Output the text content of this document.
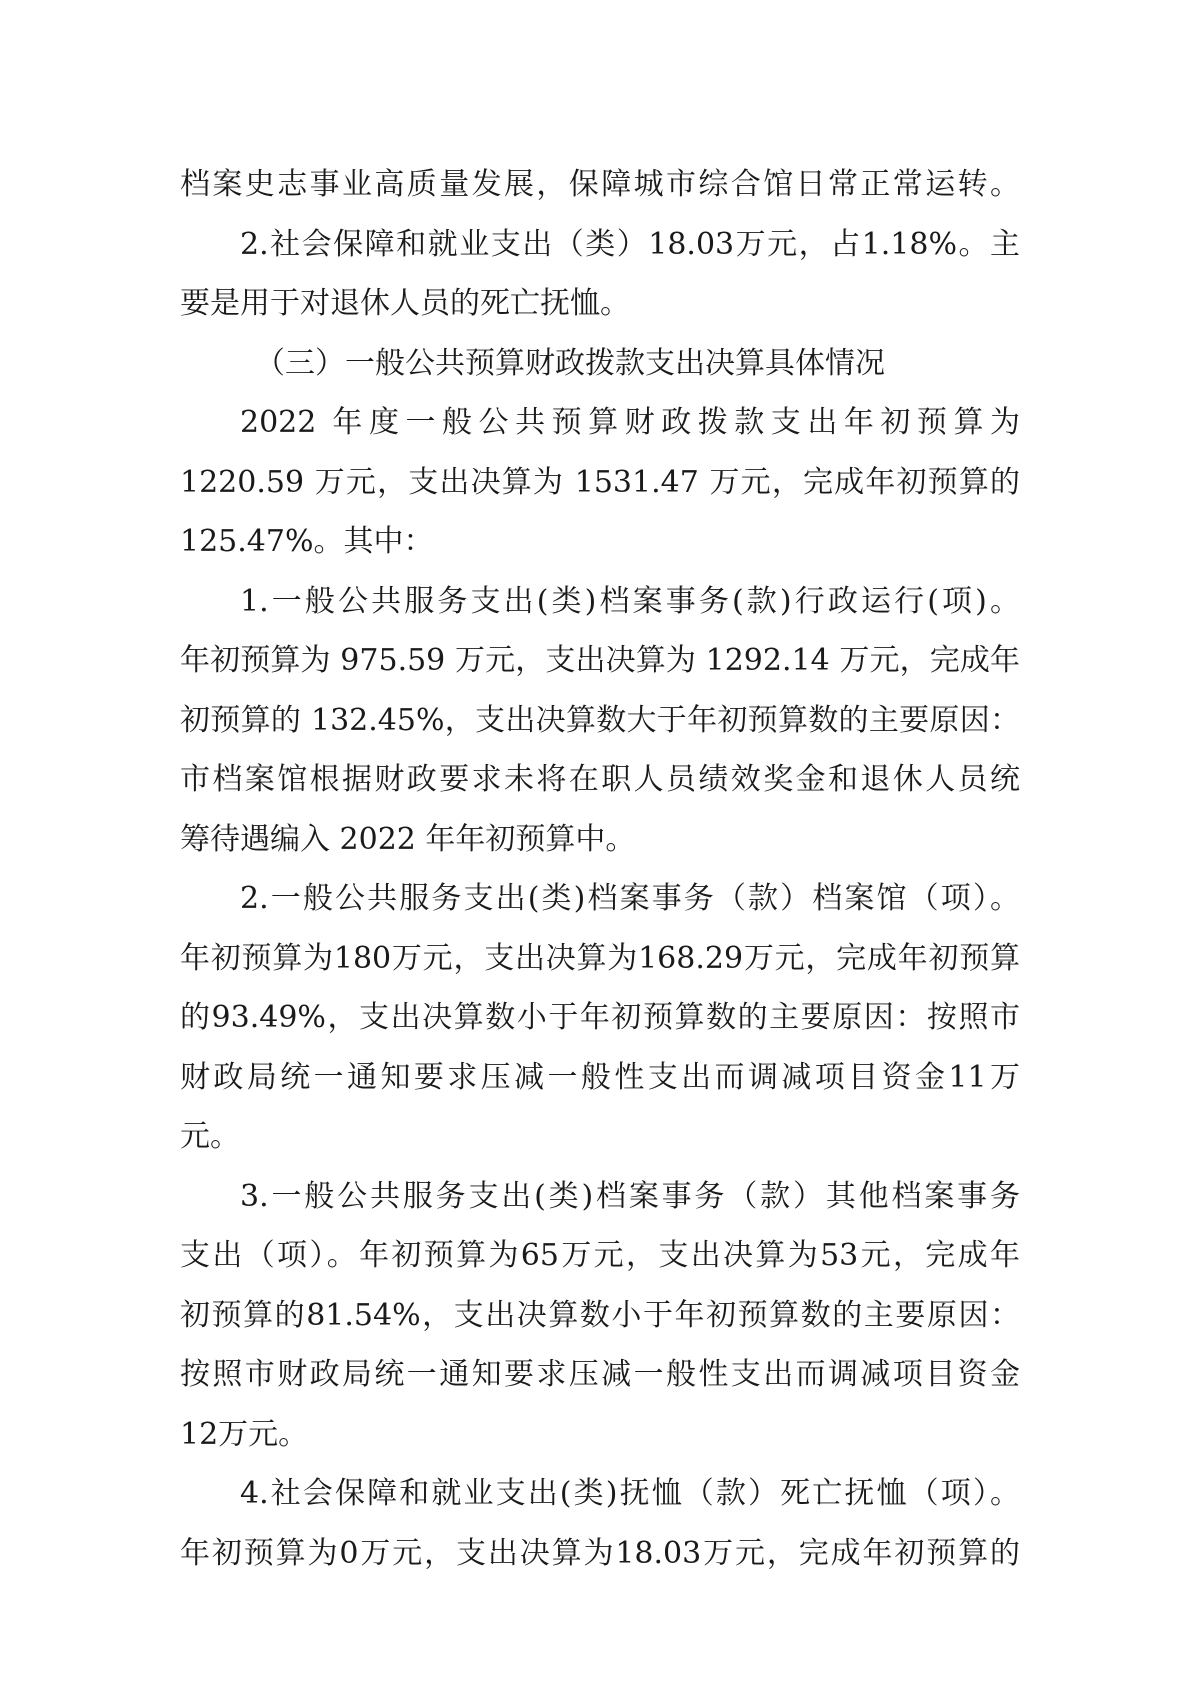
档案史志事业高质量发展，保障城市综合馆日常正常运转。
2.社会保障和就业支出（类）18.03万元，占1.18%。主
要是用于对退休人员的死亡抚恤。
（三）一般公共预算财政拨款支出决算具体情况
2022 年度一般公共预算财政拨款支出年初预算为
1220.59 万元，支出决算为 1531.47 万元，完成年初预算的
125.47%。其中：
1.一般公共服务支出(类)档案事务(款)行政运行(项)。
年初预算为 975.59 万元，支出决算为 1292.14 万元，完成年
初预算的 132.45%，支出决算数大于年初预算数的主要原因：
市档案馆根据财政要求未将在职人员绩效奖金和退休人员统
筹待遇编入 2022 年年初预算中。
2.一般公共服务支出(类)档案事务（款）档案馆（项）。
年初预算为180万元，支出决算为168.29万元，完成年初预算
的93.49%，支出决算数小于年初预算数的主要原因：按照市
财政局统一通知要求压减一般性支出而调减项目资金11万
元。
3.一般公共服务支出(类)档案事务（款）其他档案事务
支出（项）。年初预算为65万元，支出决算为53元，完成年
初预算的81.54%，支出决算数小于年初预算数的主要原因：
按照市财政局统一通知要求压减一般性支出而调减项目资金
12万元。
4.社会保障和就业支出(类)抚恤（款）死亡抚恤（项）。
年初预算为0万元，支出决算为18.03万元，完成年初预算的
